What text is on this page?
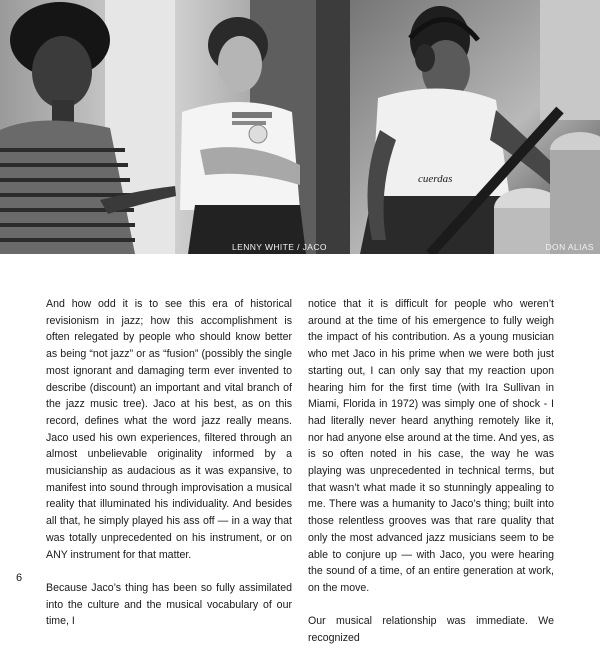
cuerdas
LENNY WHITE / JACO	DON ALIAS

And how odd it is to see this era of historical revisionism in jazz; how this accomplishment is often relegated by people who should know better as being “not jazz” or as “fusion” (possibly the single most ignorant and damaging term ever invented to describe (discount) an important and vital branch of the jazz music tree). Jaco at his best, as on this record, defines what the word jazz really means. Jaco used his own experiences, filtered through an almost unbelievable originality informed by a musicianship as audacious as it was expansive, to manifest into sound through improvisation a musical reality that illuminated his individuality. And besides all that, he simply played his ass off — in a way that was totally unprecedented on his instrument, or on ANY instrument for that matter.

Because Jaco’s thing has been so fully assimilated into the culture and the musical vocabulary of our time, I

notice that it is difficult for people who weren’t around at the time of his emergence to fully weigh the impact of his contribution. As a young musician who met Jaco in his prime when we were both just starting out, I can only say that my reaction upon hearing him for the first time (with Ira Sullivan in Miami, Florida in 1972) was simply one of shock - I had literally never heard anything remotely like it, nor had anyone else around at the time. And yes, as is so often noted in his case, the way he was playing was unprecedented in technical terms, but that wasn’t what made it so stunningly appealing to me. There was a humanity to Jaco’s thing; built into those relentless grooves was that rare quality that only the most advanced jazz musicians seem to be able to conjure up — with Jaco, you were hearing the sound of a time, of an entire generation at work, on the move.

Our musical relationship was immediate. We recognized

6
